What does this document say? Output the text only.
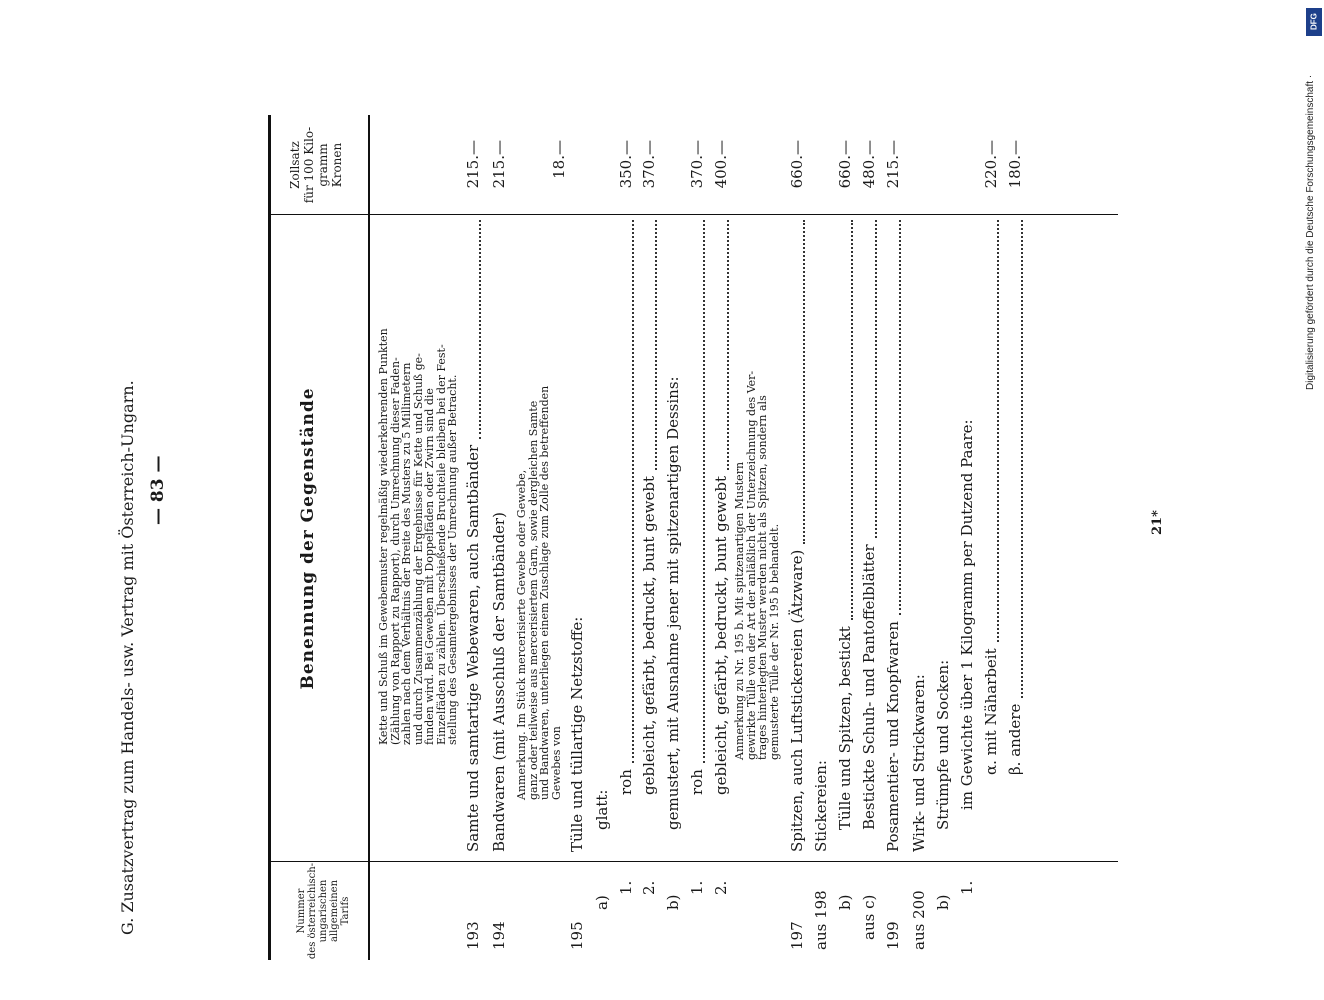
G. Zusatzvertrag zum Handels- usw. Vertrag mit Österreich-Ungarn. — 83 —
Nummer des österreichisch- ungarischen allgemeinen Tarifs
Benennung der Gegenstände
Zollsatz für 100 Kilo- gramm Kronen

Kette und Schuß im Gewebemuster regelmäßig wiederkehrenden Punkten

(Zählung von Rapport zu Rapport), durch Umrechnung dieser Faden-

zahlen nach dem Verhältnis der Breite des Musters zu 5 Millimetern

und durch Zusammenzählung der Ergebnisse für Kette und Schuß ge-

funden wird. Bei Geweben mit Doppelfäden oder Zwirn sind die

Einzelfäden zu zählen. Überschießende Bruchteile bleiben bei der Fest-

stellung des Gesamtergebnisses der Umrechnung außer Betracht.

193
Samte und samtartige Webewaren, auch Samtbänder
215.—
194
Bandwaren (mit Ausschluß der Samtbänder)
215.—

Anmerkung. Im Stück mercerisierte Gewebe oder Gewebe,

ganz oder teilweise aus mercerisiertem Garn, sowie dergleichen Samte

und Bandwaren, unterliegen einem Zuschlage zum Zolle des betreffenden

Gewebes von

18.—
195
Tülle und tüllartige Netzstoffe:
a)
glatt:
1.
roh
350.—
2.
gebleicht, gefärbt, bedruckt, bunt gewebt
370.—
b)
gemustert, mit Ausnahme jener mit spitzenartigen Dessins:
1.
roh
370.—
2.
gebleicht, gefärbt, bedruckt, bunt gewebt
400.—

Anmerkung zu Nr. 195 b. Mit spitzenartigen Mustern

gewirkte Tülle von der Art der anläßlich der Unterzeichnung des Ver-

trages hinterlegten Muster werden nicht als Spitzen, sondern als

gemusterte Tülle der Nr. 195 b behandelt.

197
Spitzen, auch Luftstickereien (Ätzware)
660.—
aus 198
Stickereien:
b)
Tülle und Spitzen, bestickt
660.—
aus c)
Bestickte Schuh- und Pantoffelblätter
480.—
199
Posamentier- und Knopfwaren
215.—
aus 200
Wirk- und Strickwaren:
b)
Strümpfe und Socken:
1.
im Gewichte über 1 Kilogramm per Dutzend Paare: α. mit Näharbeit
220.—
β. andere
180.—
21*
Digitalisierung gefördert durch die Deutsche Forschungsgemeinschaft ·
DFG
